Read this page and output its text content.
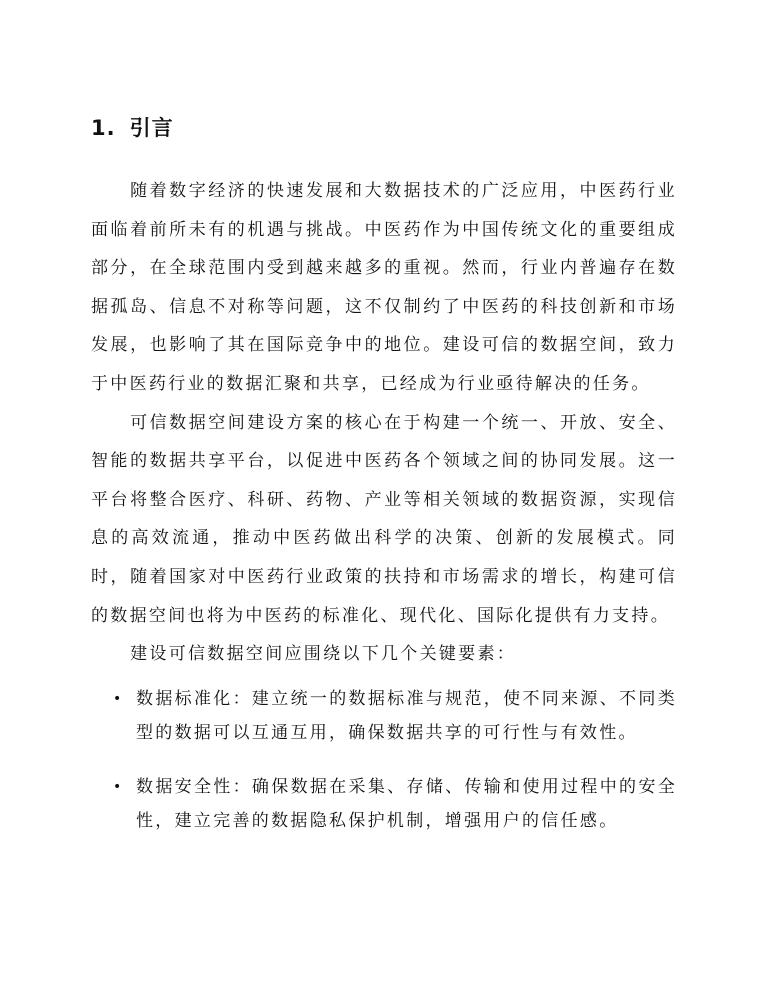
1. 引言

随着数字经济的快速发展和大数据技术的广泛应用，中医药行业面临着前所未有的机遇与挑战。中医药作为中国传统文化的重要组成部分，在全球范围内受到越来越多的重视。然而，行业内普遍存在数据孤岛、信息不对称等问题，这不仅制约了中医药的科技创新和市场发展，也影响了其在国际竞争中的地位。建设可信的数据空间，致力于中医药行业的数据汇聚和共享，已经成为行业亟待解决的任务。

可信数据空间建设方案的核心在于构建一个统一、开放、安全、智能的数据共享平台，以促进中医药各个领域之间的协同发展。这一平台将整合医疗、科研、药物、产业等相关领域的数据资源，实现信息的高效流通，推动中医药做出科学的决策、创新的发展模式。同时，随着国家对中医药行业政策的扶持和市场需求的增长，构建可信的数据空间也将为中医药的标准化、现代化、国际化提供有力支持。

建设可信数据空间应围绕以下几个关键要素：

• 数据标准化：建立统一的数据标准与规范，使不同来源、不同类型的数据可以互通互用，确保数据共享的可行性与有效性。
• 数据安全性：确保数据在采集、存储、传输和使用过程中的安全性，建立完善的数据隐私保护机制，增强用户的信任感。
